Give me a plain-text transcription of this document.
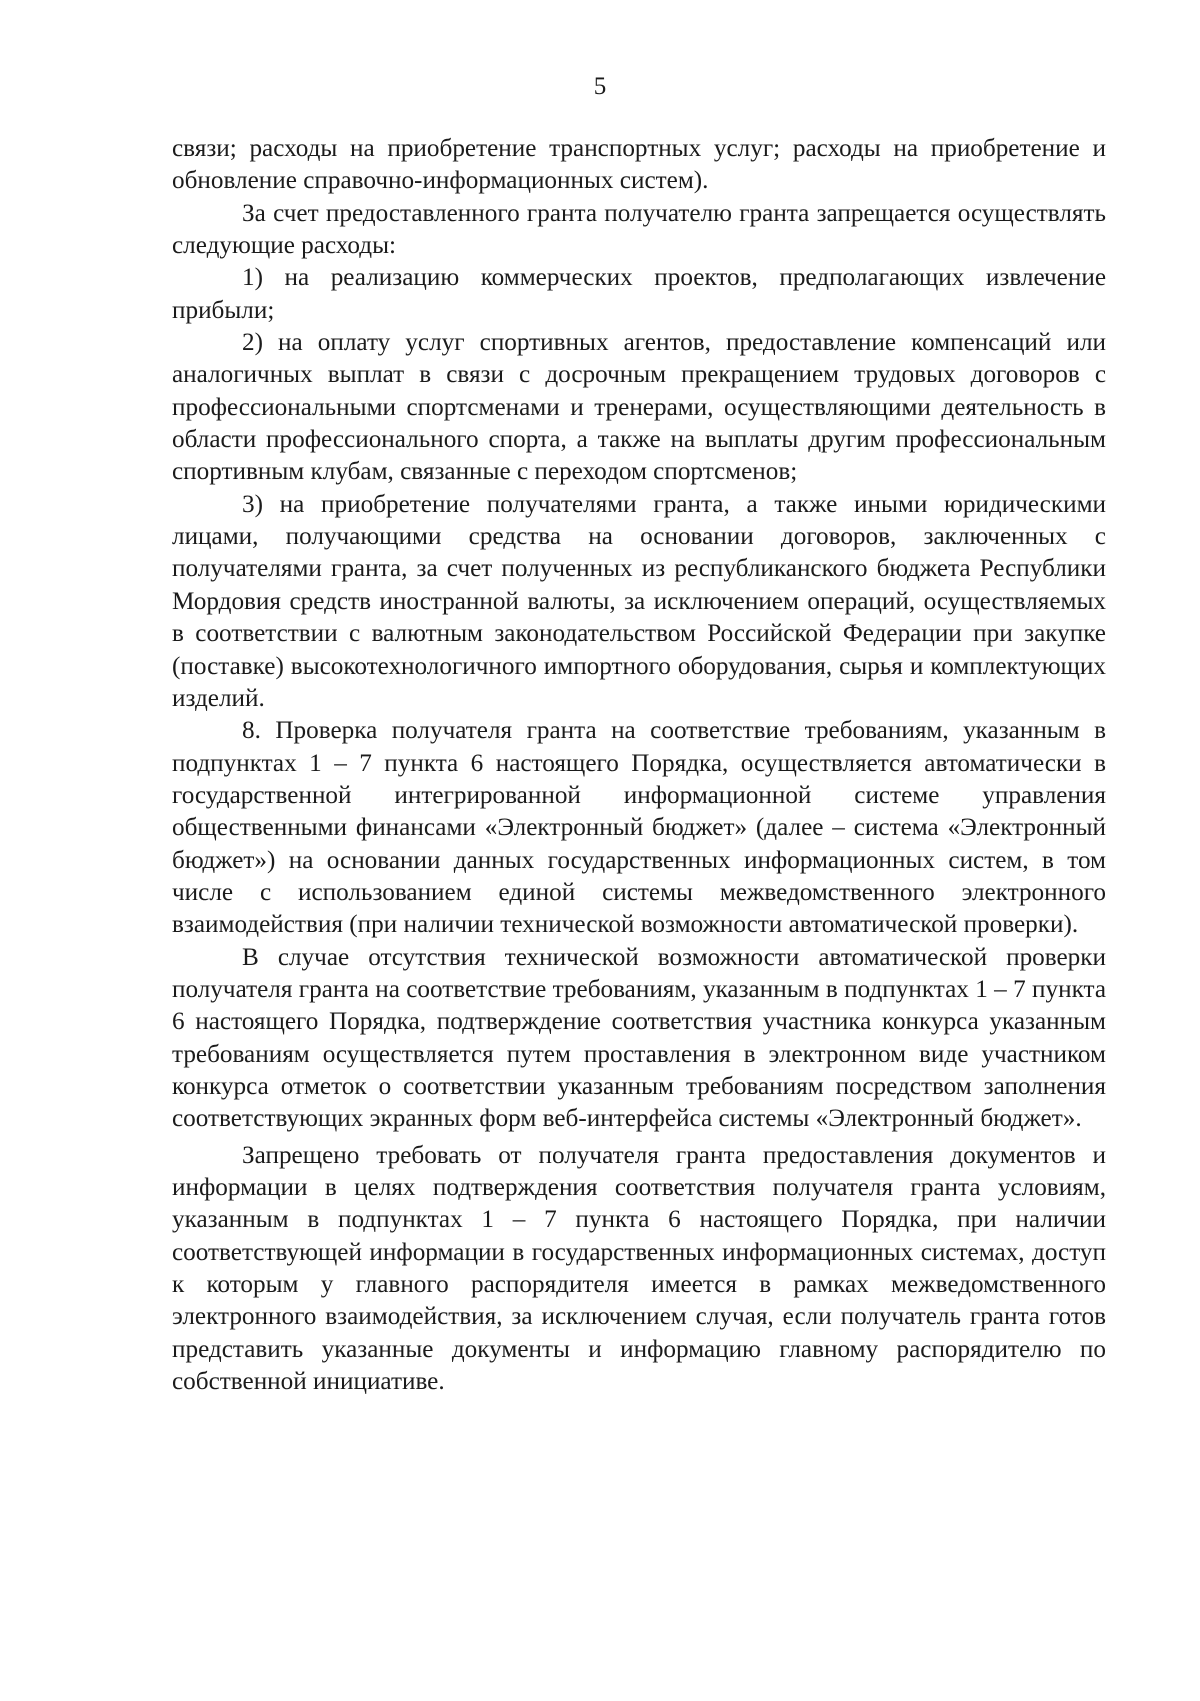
5

связи; расходы на приобретение транспортных услуг; расходы на приобретение и обновление справочно-информационных систем).

За счет предоставленного гранта получателю гранта запрещается осуществлять следующие расходы:

1) на реализацию коммерческих проектов, предполагающих извлечение прибыли;

2) на оплату услуг спортивных агентов, предоставление компенсаций или аналогичных выплат в связи с досрочным прекращением трудовых договоров с профессиональными спортсменами и тренерами, осуществляющими деятельность в области профессионального спорта, а также на выплаты другим профессиональным спортивным клубам, связанные с переходом спортсменов;

3) на приобретение получателями гранта, а также иными юридическими лицами, получающими средства на основании договоров, заключенных с получателями гранта, за счет полученных из республиканского бюджета Республики Мордовия средств иностранной валюты, за исключением операций, осуществляемых в соответствии с валютным законодательством Российской Федерации при закупке (поставке) высокотехнологичного импортного оборудования, сырья и комплектующих изделий.

8. Проверка получателя гранта на соответствие требованиям, указанным в подпунктах 1 – 7 пункта 6 настоящего Порядка, осуществляется автоматически в государственной интегрированной информационной системе управления общественными финансами «Электронный бюджет» (далее – система «Электронный бюджет») на основании данных государственных информационных систем, в том числе с использованием единой системы межведомственного электронного взаимодействия (при наличии технической возможности автоматической проверки).

В случае отсутствия технической возможности автоматической проверки получателя гранта на соответствие требованиям, указанным в подпунктах 1 – 7 пункта 6 настоящего Порядка, подтверждение соответствия участника конкурса указанным требованиям осуществляется путем проставления в электронном виде участником конкурса отметок о соответствии указанным требованиям посредством заполнения соответствующих экранных форм веб-интерфейса системы «Электронный бюджет».

Запрещено требовать от получателя гранта предоставления документов и информации в целях подтверждения соответствия получателя гранта условиям, указанным в подпунктах 1 – 7 пункта 6 настоящего Порядка, при наличии соответствующей информации в государственных информационных системах, доступ к которым у главного распорядителя имеется в рамках межведомственного электронного взаимодействия, за исключением случая, если получатель гранта готов представить указанные документы и информацию главному распорядителю по собственной инициативе.
